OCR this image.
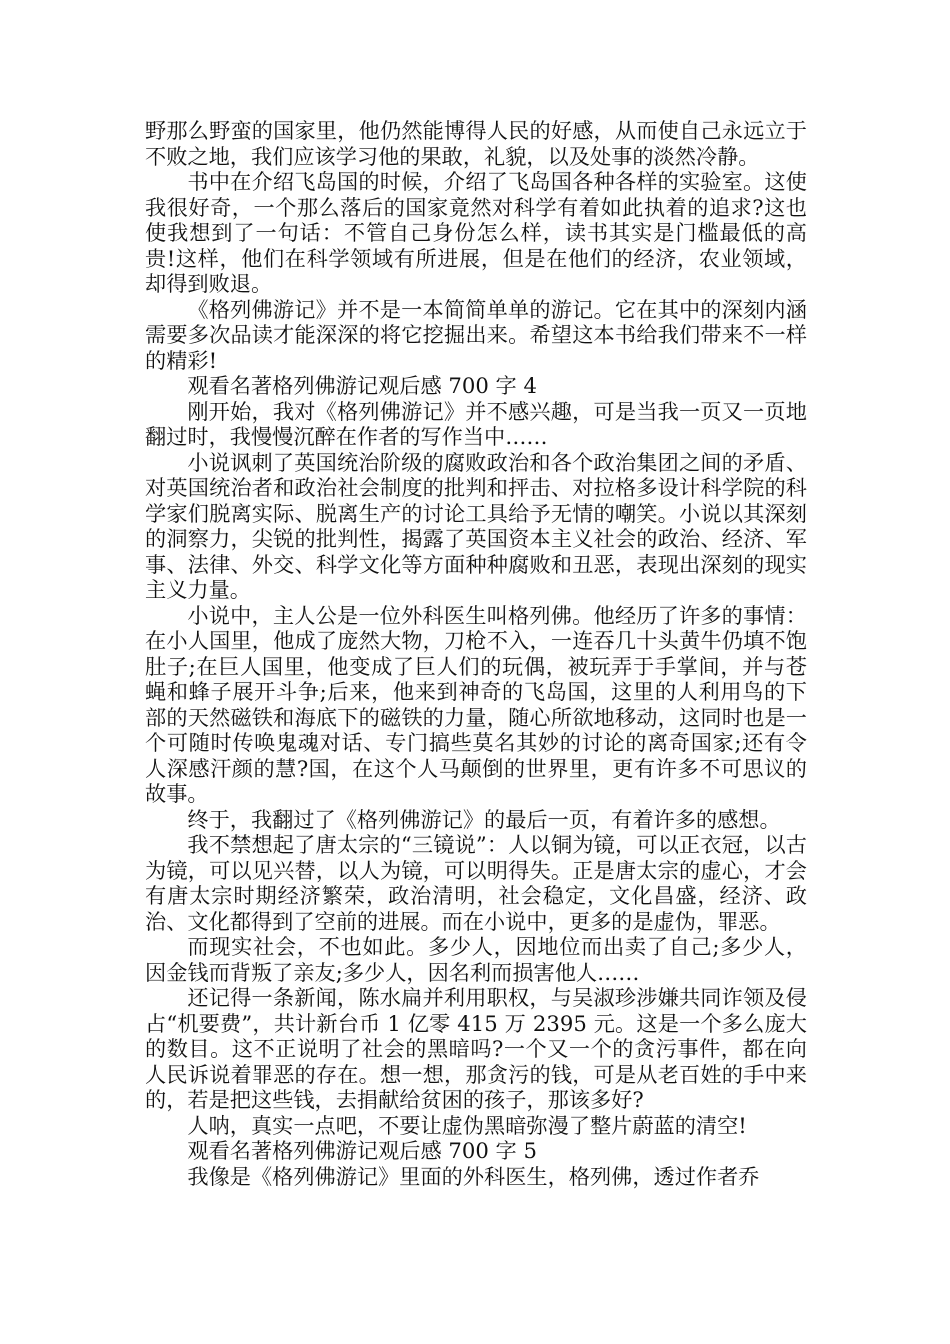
野那么野蛮的国家里，他仍然能博得人民的好感，从而使自己永远立于不败之地，我们应该学习他的果敢，礼貌，以及处事的淡然冷静。

书中在介绍飞岛国的时候，介绍了飞岛国各种各样的实验室。这使我很好奇，一个那么落后的国家竟然对科学有着如此执着的追求?这也使我想到了一句话：不管自己身份怎么样，读书其实是门槛最低的高贵!这样，他们在科学领域有所进展，但是在他们的经济，农业领域，却得到败退。

《格列佛游记》并不是一本简简单单的游记。它在其中的深刻内涵需要多次品读才能深深的将它挖掘出来。希望这本书给我们带来不一样的精彩!

观看名著格列佛游记观后感 700 字 4

刚开始，我对《格列佛游记》并不感兴趣，可是当我一页又一页地翻过时，我慢慢沉醉在作者的写作当中……

小说讽刺了英国统治阶级的腐败政治和各个政治集团之间的矛盾、对英国统治者和政治社会制度的批判和抨击、对拉格多设计科学院的科学家们脱离实际、脱离生产的讨论工具给予无情的嘲笑。小说以其深刻的洞察力，尖锐的批判性，揭露了英国资本主义社会的政治、经济、军事、法律、外交、科学文化等方面种种腐败和丑恶，表现出深刻的现实主义力量。

小说中，主人公是一位外科医生叫格列佛。他经历了许多的事情：在小人国里，他成了庞然大物，刀枪不入，一连吞几十头黄牛仍填不饱肚子;在巨人国里，他变成了巨人们的玩偶，被玩弄于手掌间，并与苍蝇和蜂子展开斗争;后来，他来到神奇的飞岛国，这里的人利用鸟的下部的天然磁铁和海底下的磁铁的力量，随心所欲地移动，这同时也是一个可随时传唤鬼魂对话、专门搞些莫名其妙的讨论的离奇国家;还有令人深感汗颜的慧?国，在这个人马颠倒的世界里，更有许多不可思议的故事。

终于，我翻过了《格列佛游记》的最后一页，有着许多的感想。

我不禁想起了唐太宗的“三镜说”：人以铜为镜，可以正衣冠，以古为镜，可以见兴替，以人为镜，可以明得失。正是唐太宗的虚心，才会有唐太宗时期经济繁荣，政治清明，社会稳定，文化昌盛，经济、政治、文化都得到了空前的进展。而在小说中，更多的是虚伪，罪恶。

而现实社会，不也如此。多少人，因地位而出卖了自己;多少人，因金钱而背叛了亲友;多少人，因名利而损害他人……

还记得一条新闻，陈水扁并利用职权，与吴淑珍涉嫌共同诈领及侵占“机要费”，共计新台币 1 亿零 415 万 2395 元。这是一个多么庞大的数目。这不正说明了社会的黑暗吗?一个又一个的贪污事件，都在向人民诉说着罪恶的存在。想一想，那贪污的钱，可是从老百姓的手中来的，若是把这些钱，去捐献给贫困的孩子，那该多好?

人呐，真实一点吧，不要让虚伪黑暗弥漫了整片蔚蓝的清空!

观看名著格列佛游记观后感 700 字 5

我像是《格列佛游记》里面的外科医生，格列佛，透过作者乔
